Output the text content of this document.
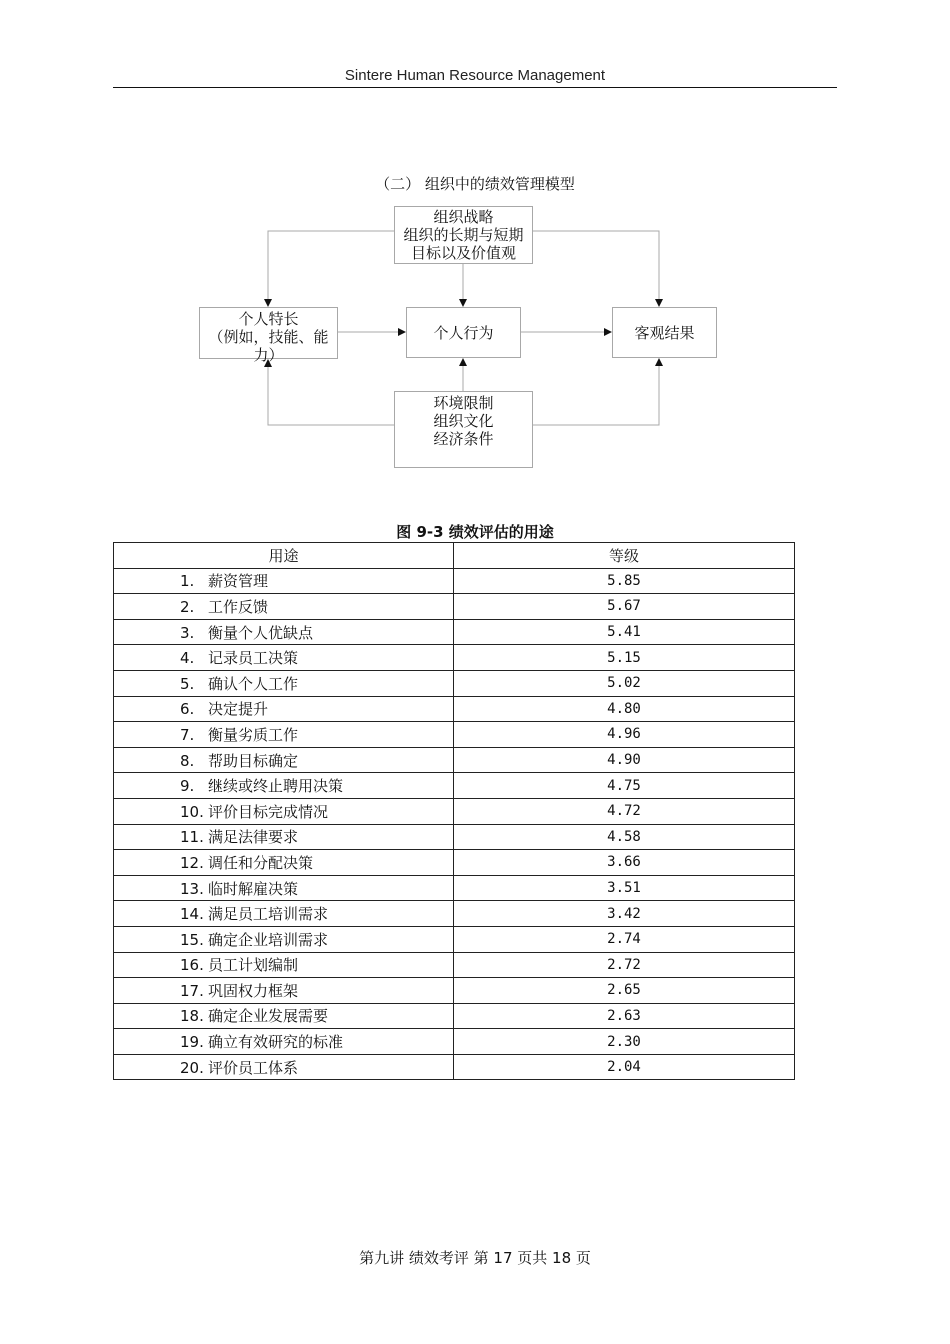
Sintere Human Resource Management
（二） 组织中的绩效管理模型
组织战略
组织的长期与短期
目标以及价值观
个人特长
（例如，技能、能
力）
个人行为	客观结果
环境限制
组织文化
经济条件
图 9-3 绩效评估的用途
用途	等级
1. 薪资管理	5.85
2. 工作反馈	5.67
3. 衡量个人优缺点	5.41
4. 记录员工决策	5.15
5. 确认个人工作	5.02
6. 决定提升	4.80
7. 衡量劣质工作	4.96
8. 帮助目标确定	4.90
9. 继续或终止聘用决策	4.75
10. 评价目标完成情况	4.72
11. 满足法律要求	4.58
12. 调任和分配决策	3.66
13. 临时解雇决策	3.51
14. 满足员工培训需求	3.42
15. 确定企业培训需求	2.74
16. 员工计划编制	2.72
17. 巩固权力框架	2.65
18. 确定企业发展需要	2.63
19. 确立有效研究的标准	2.30
20. 评价员工体系	2.04
第九讲 绩效考评 第 17 页共 18 页
